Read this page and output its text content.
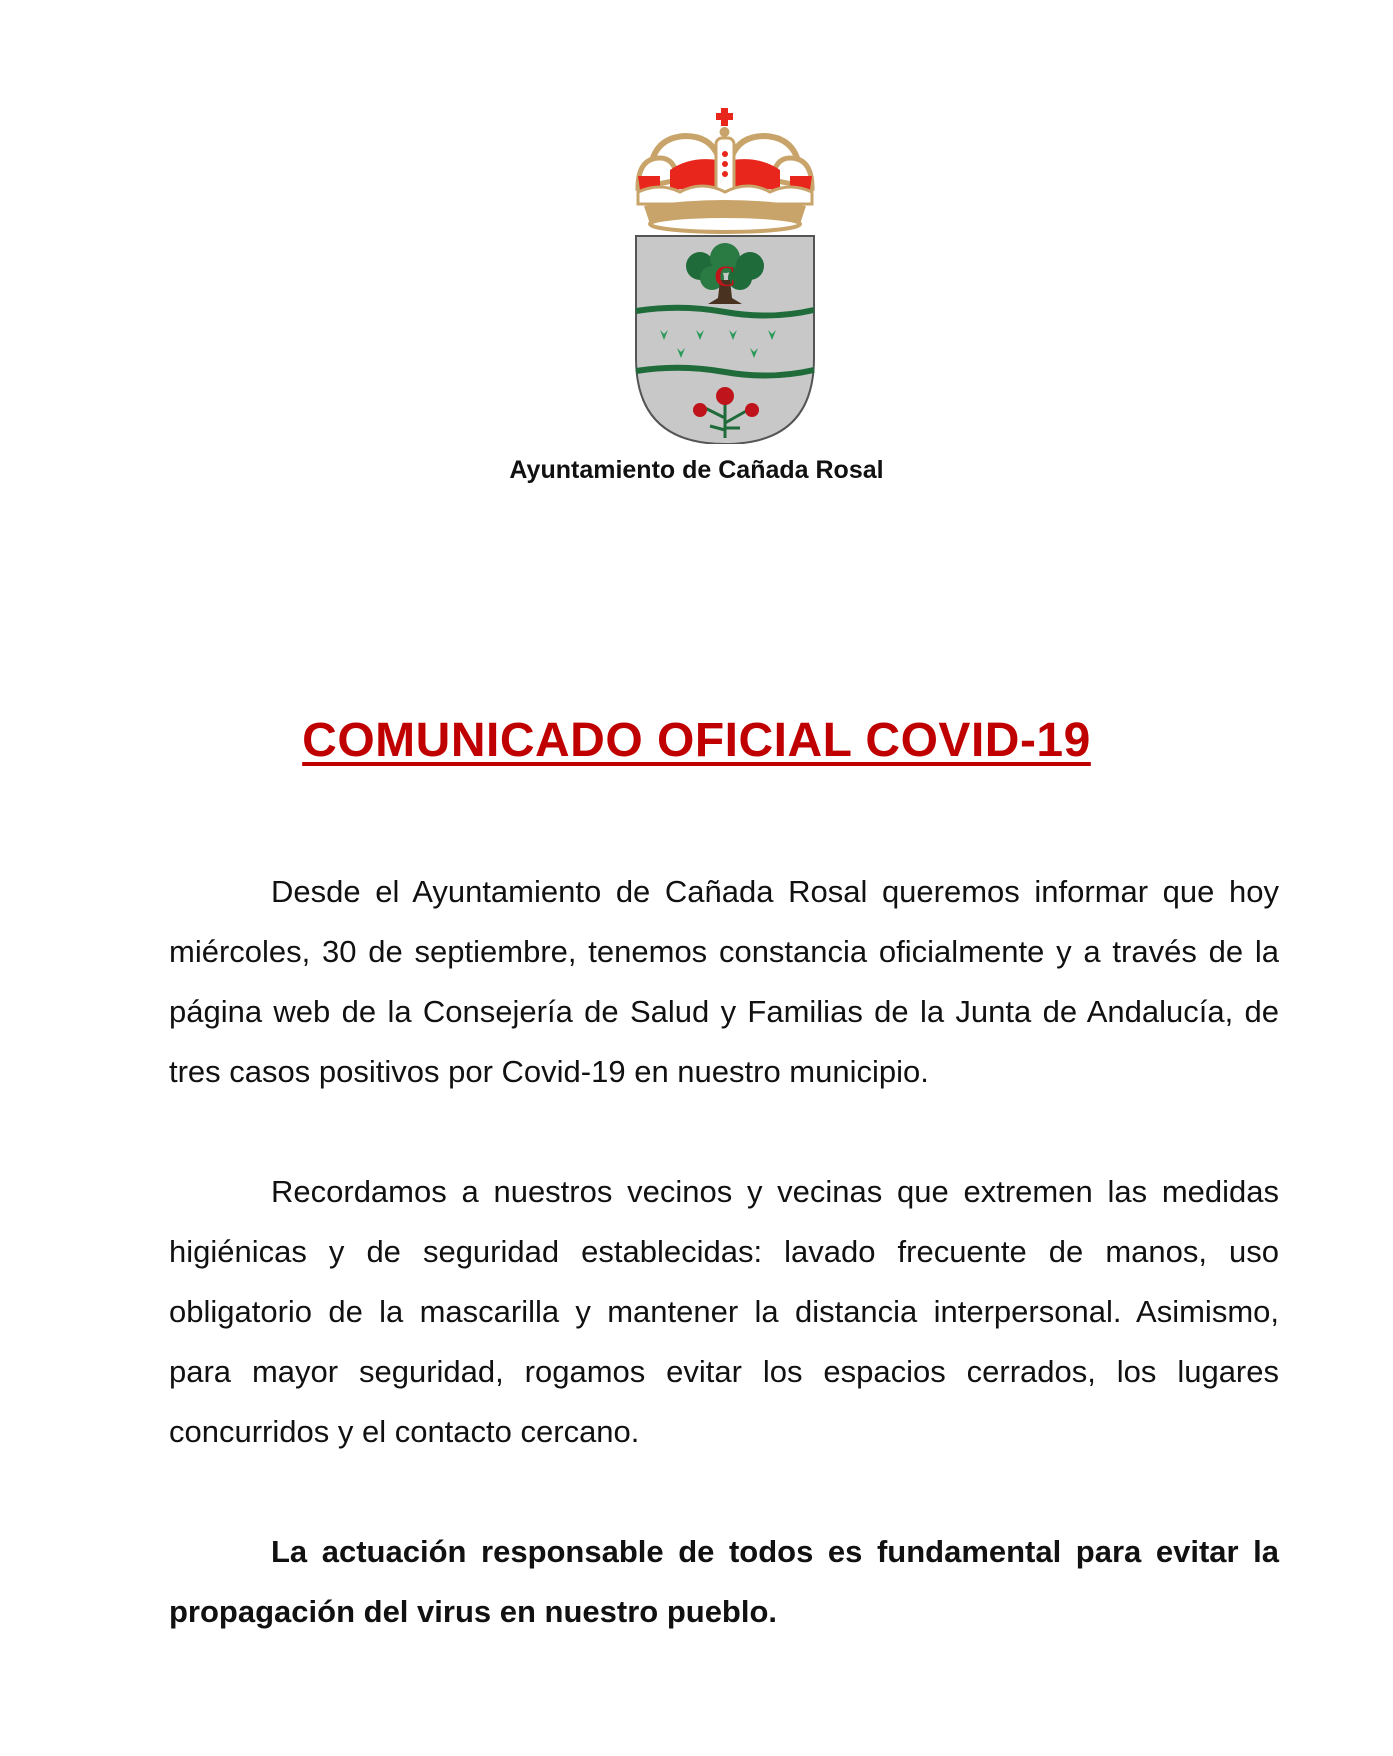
C
Ayuntamiento de Cañada Rosal
COMUNICADO OFICIAL COVID-19
Desde el Ayuntamiento de Cañada Rosal queremos informar que hoy miércoles, 30 de septiembre, tenemos constancia oficialmente y a través de la página web de la Consejería de Salud y Familias de la Junta de Andalucía, de tres casos positivos por Covid-19 en nuestro municipio.
Recordamos a nuestros vecinos y vecinas que extremen las medidas higiénicas y de seguridad establecidas: lavado frecuente de manos, uso obligatorio de la mascarilla y mantener la distancia interpersonal. Asimismo, para mayor seguridad, rogamos evitar los espacios cerrados, los lugares concurridos y el contacto cercano.
La actuación responsable de todos es fundamental para evitar la propagación del virus en nuestro pueblo.
